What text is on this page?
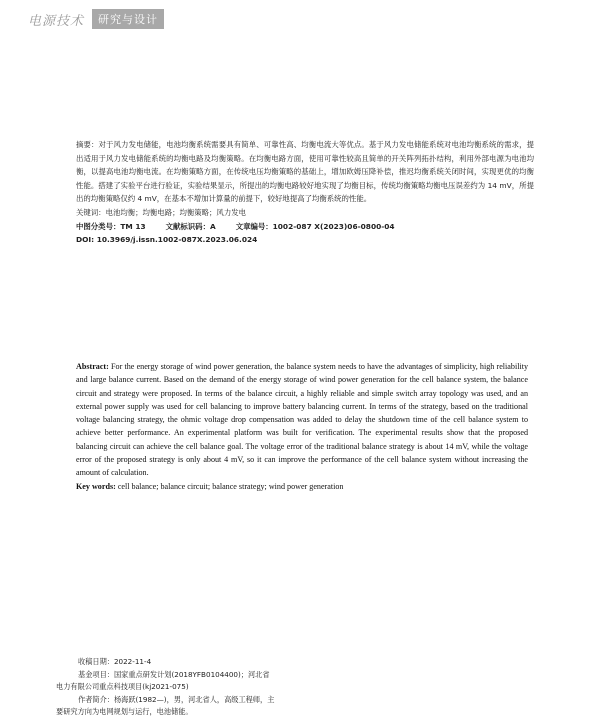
电源技术	研究与设计

摘要：对于风力发电储能，电池均衡系统需要具有简单、可靠性高、均衡电流大等优点。基于风力发电储能系统对电池均衡系统的需求，提出适用于风力发电储能系统的均衡电路及均衡策略。在均衡电路方面，使用可靠性较高且简单的开关阵列拓扑结构，利用外部电源为电池均衡，以提高电池均衡电流。在均衡策略方面，在传统电压均衡策略的基础上，增加欧姆压降补偿，推迟均衡系统关闭时间，实现更优的均衡性能。搭建了实验平台进行验证，实验结果显示，所提出的均衡电路较好地实现了均衡目标，传统均衡策略均衡电压误差约为 14 mV，所提出的均衡策略仅约 4 mV，在基本不增加计算量的前提下，较好地提高了均衡系统的性能。

关键词：电池均衡；均衡电路；均衡策略；风力发电

中图分类号：TM 13	文献标识码：A	文章编号：1002-087 X(2023)06-0800-04

DOI: 10.3969/j.issn.1002-087X.2023.06.024

Abstract: For the energy storage of wind power generation, the balance system needs to have the advantages of simplicity, high reliability and large balance current. Based on the demand of the energy storage of wind power generation for the cell balance system, the balance circuit and strategy were proposed. In terms of the balance circuit, a highly reliable and simple switch array topology was used, and an external power supply was used for cell balancing to improve battery balancing current. In terms of the strategy, based on the traditional voltage balancing strategy, the ohmic voltage drop compensation was added to delay the shutdown time of the cell balance system to achieve better performance. An experimental platform was built for verification. The experimental results show that the proposed balancing circuit can achieve the cell balance goal. The voltage error of the traditional balance strategy is about 14 mV, while the voltage error of the proposed strategy is only about 4 mV, so it can improve the performance of the cell balance system without increasing the amount of calculation.

Key words: cell balance; balance circuit; balance strategy; wind power generation

收稿日期：2022-11-4
基金项目：国家重点研发计划(2018YFB0104400)；河北省
电力有限公司重点科技项目(kj2021-075)
作者简介：杨海跃(1982—)，男，河北省人，高级工程师，主
要研究方向为电网规划与运行，电池储能。
